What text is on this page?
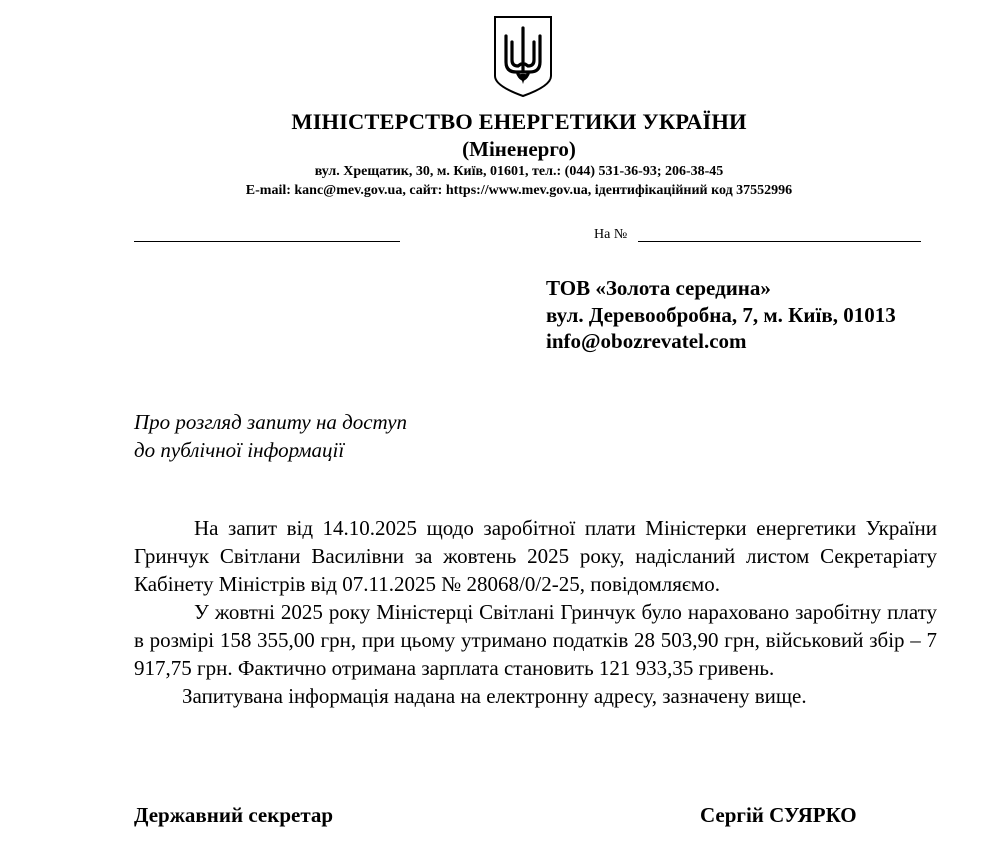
МІНІСТЕРСТВО ЕНЕРГЕТИКИ УКРАЇНИ
(Міненерго)
вул. Хрещатик, 30, м. Київ, 01601, тел.: (044) 531-36-93; 206-38-45
E-mail: kanc@mev.gov.ua, сайт: https://www.mev.gov.ua, ідентифікаційний код 37552996
На №
ТОВ «Золота середина»
вул. Деревообробна, 7, м. Київ, 01013
info@obozrevatel.com
Про розгляд запиту на доступ
до публічної інформації

На запит від 14.10.2025 щодо заробітної плати Міністерки енергетики України Гринчук Світлани Василівни за жовтень 2025 року, надісланий листом Секретаріату Кабінету Міністрів від 07.11.2025 № 28068/0/2-25, повідомляємо.

У жовтні 2025 року Міністерці Світлані Гринчук було нараховано заробітну плату в розмірі 158 355,00 грн, при цьому утримано податків 28 503,90 грн, військовий збір – 7 917,75 грн. Фактично отримана зарплата становить 121 933,35 гривень.

Запитувана інформація надана на електронну адресу, зазначену вище.

Державний секретар	Сергій СУЯРКО
